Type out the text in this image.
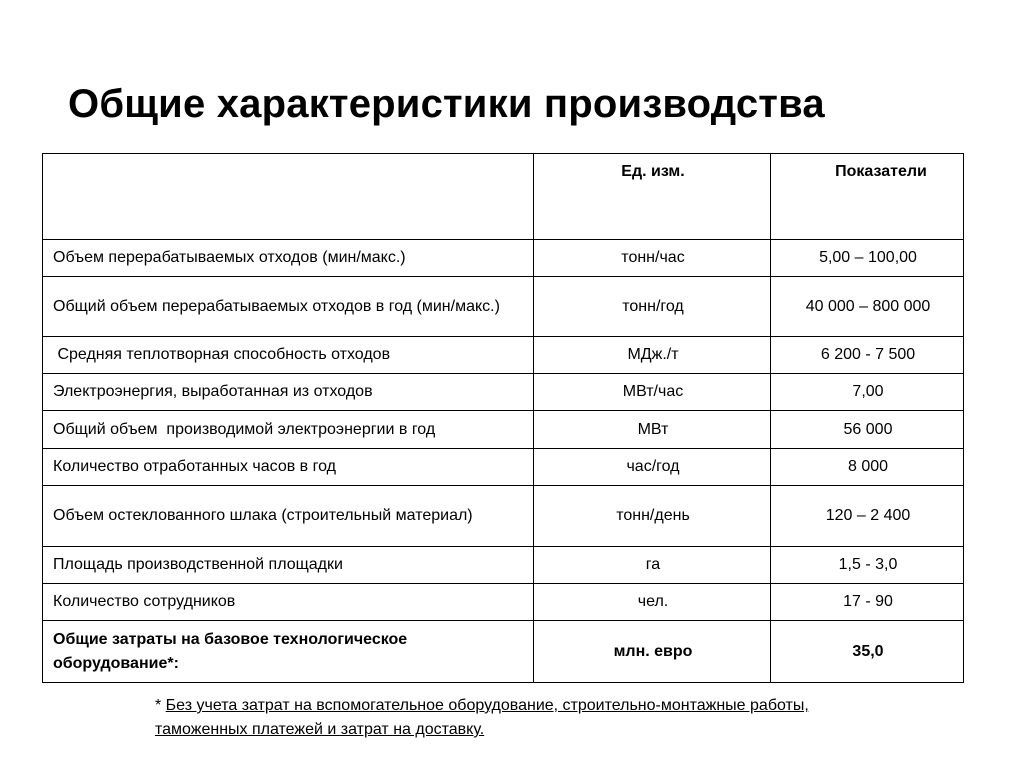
Общие характеристики производства
	Ед. изм.	Показатели
Объем перерабатываемых отходов (мин/макс.)	тонн/час	5,00 – 100,00
Общий объем перерабатываемых отходов в год (мин/макс.)	тонн/год	40 000 – 800 000
Средняя теплотворная способность отходов	МДж./т	6 200 - 7 500
Электроэнергия, выработанная из отходов	МВт/час	7,00
Общий объем  производимой электроэнергии в год	МВт	56 000
Количество отработанных часов в год	час/год	8 000
Объем остеклованного шлака (строительный материал)	тонн/день	120 – 2 400
Площадь производственной площадки	га	1,5 - 3,0
Количество сотрудников	чел.	17 - 90
Общие затраты на базовое технологическое оборудование*:	млн. евро	35,0
* Без учета затрат на вспомогательное оборудование, строительно-монтажные работы, таможенных платежей и затрат на доставку.
